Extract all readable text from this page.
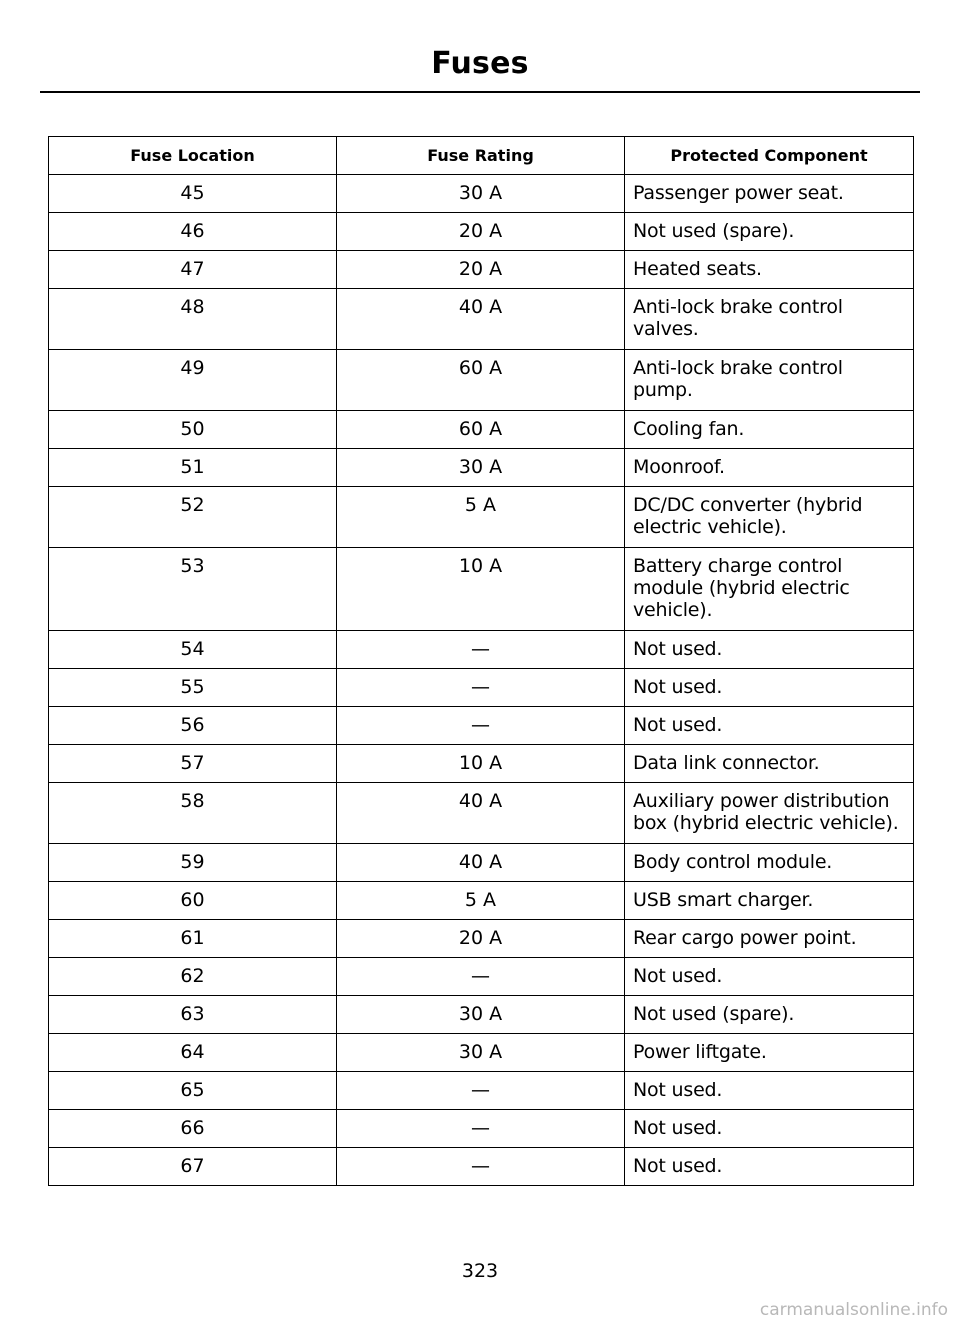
Fuses
Fuse Location	Fuse Rating	Protected Component
45	30 A	Passenger power seat.
46	20 A	Not used (spare).
47	20 A	Heated seats.
48	40 A	Anti-lock brake control valves.
49	60 A	Anti-lock brake control pump.
50	60 A	Cooling fan.
51	30 A	Moonroof.
52	5 A	DC/DC converter (hybrid electric vehicle).
53	10 A	Battery charge control module (hybrid electric vehicle).
54	—	Not used.
55	—	Not used.
56	—	Not used.
57	10 A	Data link connector.
58	40 A	Auxiliary power distribution box (hybrid electric vehicle).
59	40 A	Body control module.
60	5 A	USB smart charger.
61	20 A	Rear cargo power point.
62	—	Not used.
63	30 A	Not used (spare).
64	30 A	Power liftgate.
65	—	Not used.
66	—	Not used.
67	—	Not used.
323
carmanualsonline.info
